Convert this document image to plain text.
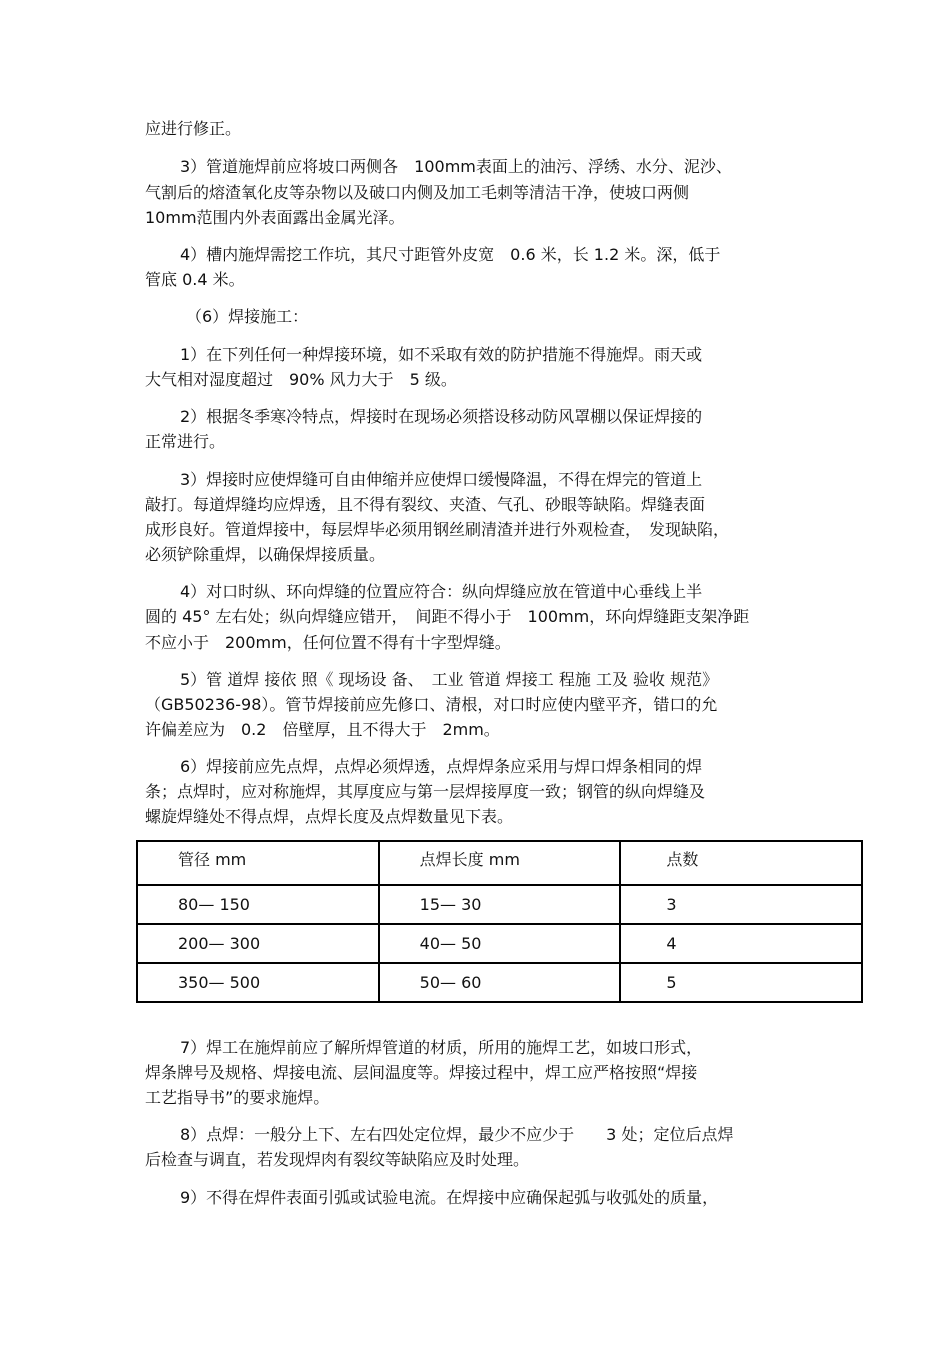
应进行修正。
3）管道施焊前应将坡口两侧各　100mm表面上的油污、浮绣、水分、泥沙、
气割后的熔渣氧化皮等杂物以及破口内侧及加工毛刺等清洁干净，使坡口两侧
10mm范围内外表面露出金属光泽。
4）槽内施焊需挖工作坑，其尺寸距管外皮宽　0.6 米，长 1.2 米。深，低于
管底 0.4 米。
（6）焊接施工：
1）在下列任何一种焊接环境，如不采取有效的防护措施不得施焊。雨天或
大气相对湿度超过　90% 风力大于　5 级。
2）根据冬季寒冷特点，焊接时在现场必须搭设移动防风罩棚以保证焊接的
正常进行。
3）焊接时应使焊缝可自由伸缩并应使焊口缓慢降温，不得在焊完的管道上
敲打。每道焊缝均应焊透，且不得有裂纹、夹渣、气孔、砂眼等缺陷。焊缝表面
成形良好。管道焊接中，每层焊毕必须用钢丝刷清渣并进行外观检查，　发现缺陷，
必须铲除重焊，以确保焊接质量。
4）对口时纵、环向焊缝的位置应符合：纵向焊缝应放在管道中心垂线上半
圆的 45° 左右处；纵向焊缝应错开，　间距不得小于　100mm，环向焊缝距支架净距
不应小于　200mm，任何位置不得有十字型焊缝。
5）管 道焊 接依 照《 现场设 备、　工业 管道 焊接工 程施 工及 验收 规范》
（GB50236-98）。管节焊接前应先修口、清根，对口时应使内壁平齐，错口的允
许偏差应为　0.2　倍壁厚，且不得大于　2mm。
6）焊接前应先点焊，点焊必须焊透，点焊焊条应采用与焊口焊条相同的焊
条；点焊时，应对称施焊，其厚度应与第一层焊接厚度一致；钢管的纵向焊缝及
螺旋焊缝处不得点焊，点焊长度及点焊数量见下表。
管径 mm	点焊长度 mm	点数
80— 150	15— 30	3
200— 300	40— 50	4
350— 500	50— 60	5
7）焊工在施焊前应了解所焊管道的材质，所用的施焊工艺，如坡口形式，
焊条牌号及规格、焊接电流、层间温度等。焊接过程中，焊工应严格按照“焊接
工艺指导书”的要求施焊。
8）点焊：一般分上下、左右四处定位焊，最少不应少于　　3 处；定位后点焊
后检查与调直，若发现焊肉有裂纹等缺陷应及时处理。
9）不得在焊件表面引弧或试验电流。在焊接中应确保起弧与收弧处的质量，
